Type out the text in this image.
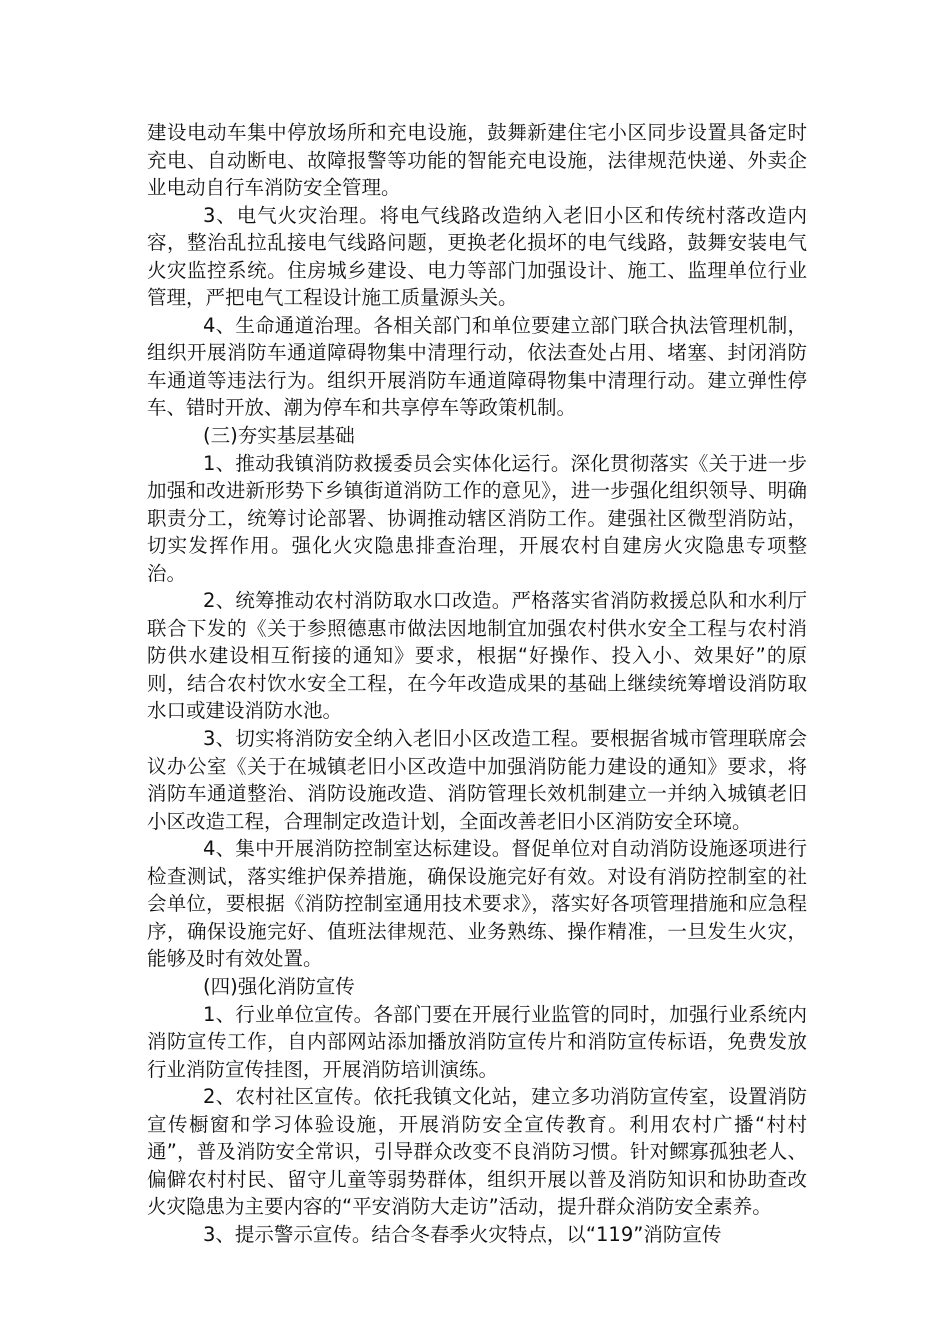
建设电动车集中停放场所和充电设施，鼓舞新建住宅小区同步设置具备定时充电、自动断电、故障报警等功能的智能充电设施，法律规范快递、外卖企业电动自行车消防安全管理。

3、电气火灾治理。将电气线路改造纳入老旧小区和传统村落改造内容，整治乱拉乱接电气线路问题，更换老化损坏的电气线路，鼓舞安装电气火灾监控系统。住房城乡建设、电力等部门加强设计、施工、监理单位行业管理，严把电气工程设计施工质量源头关。

4、生命通道治理。各相关部门和单位要建立部门联合执法管理机制，组织开展消防车通道障碍物集中清理行动，依法查处占用、堵塞、封闭消防车通道等违法行为。组织开展消防车通道障碍物集中清理行动。建立弹性停车、错时开放、潮为停车和共享停车等政策机制。

(三)夯实基层基础

1、推动我镇消防救援委员会实体化运行。深化贯彻落实《关于进一步加强和改进新形势下乡镇街道消防工作的意见》，进一步强化组织领导、明确职责分工，统筹讨论部署、协调推动辖区消防工作。建强社区微型消防站，切实发挥作用。强化火灾隐患排查治理，开展农村自建房火灾隐患专项整治。

2、统筹推动农村消防取水口改造。严格落实省消防救援总队和水利厅联合下发的《关于参照德惠市做法因地制宜加强农村供水安全工程与农村消防供水建设相互衔接的通知》要求，根据“好操作、投入小、效果好”的原则，结合农村饮水安全工程，在今年改造成果的基础上继续统筹增设消防取水口或建设消防水池。

3、切实将消防安全纳入老旧小区改造工程。要根据省城市管理联席会议办公室《关于在城镇老旧小区改造中加强消防能力建设的通知》要求，将消防车通道整治、消防设施改造、消防管理长效机制建立一并纳入城镇老旧小区改造工程，合理制定改造计划，全面改善老旧小区消防安全环境。

4、集中开展消防控制室达标建设。督促单位对自动消防设施逐项进行检查测试，落实维护保养措施，确保设施完好有效。对设有消防控制室的社会单位，要根据《消防控制室通用技术要求》，落实好各项管理措施和应急程序，确保设施完好、值班法律规范、业务熟练、操作精准，一旦发生火灾，能够及时有效处置。

(四)强化消防宣传

1、行业单位宣传。各部门要在开展行业监管的同时，加强行业系统内消防宣传工作，自内部网站添加播放消防宣传片和消防宣传标语，免费发放行业消防宣传挂图，开展消防培训演练。

2、农村社区宣传。依托我镇文化站，建立多功消防宣传室，设置消防宣传橱窗和学习体验设施，开展消防安全宣传教育。利用农村广播“村村通”，普及消防安全常识，引导群众改变不良消防习惯。针对鳏寡孤独老人、偏僻农村村民、留守儿童等弱势群体，组织开展以普及消防知识和协助查改火灾隐患为主要内容的“平安消防大走访”活动，提升群众消防安全素养。

3、提示警示宣传。结合冬春季火灾特点，以“119”消防宣传
